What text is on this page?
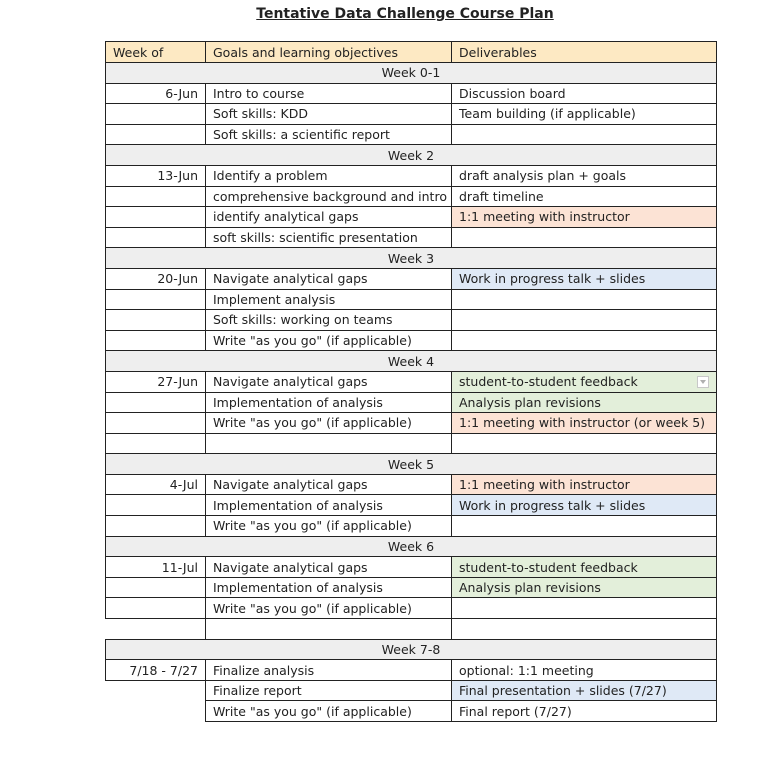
Tentative Data Challenge Course Plan
Week of	Goals and learning objectives	Deliverables
Week 0-1		
6-Jun	Intro to course	Discussion board
	Soft skills: KDD	Team building (if applicable)
	Soft skills: a scientific report	
Week 2		
13-Jun	Identify a problem	draft analysis plan + goals
	comprehensive background and intro	draft timeline
	identify analytical gaps	1:1 meeting with instructor
	soft skills: scientific presentation	
Week 3		
20-Jun	Navigate analytical gaps	Work in progress talk + slides
	Implement analysis	
	Soft skills: working on teams	
	Write "as you go" (if applicable)	
Week 4		
27-Jun	Navigate analytical gaps	student-to-student feedback

	Implementation of analysis	Analysis plan revisions
	Write "as you go" (if applicable)	1:1 meeting with instructor (or week 5)

Week 5		
4-Jul	Navigate analytical gaps	1:1 meeting with instructor
	Implementation of analysis	Work in progress talk + slides
	Write "as you go" (if applicable)	
Week 6		
11-Jul	Navigate analytical gaps	student-to-student feedback
	Implementation of analysis	Analysis plan revisions
	Write "as you go" (if applicable)	

Week 7-8		
7/18 - 7/27	Finalize analysis	optional: 1:1 meeting
	Finalize report	Final presentation + slides (7/27)
	Write "as you go" (if applicable)	Final report (7/27)
